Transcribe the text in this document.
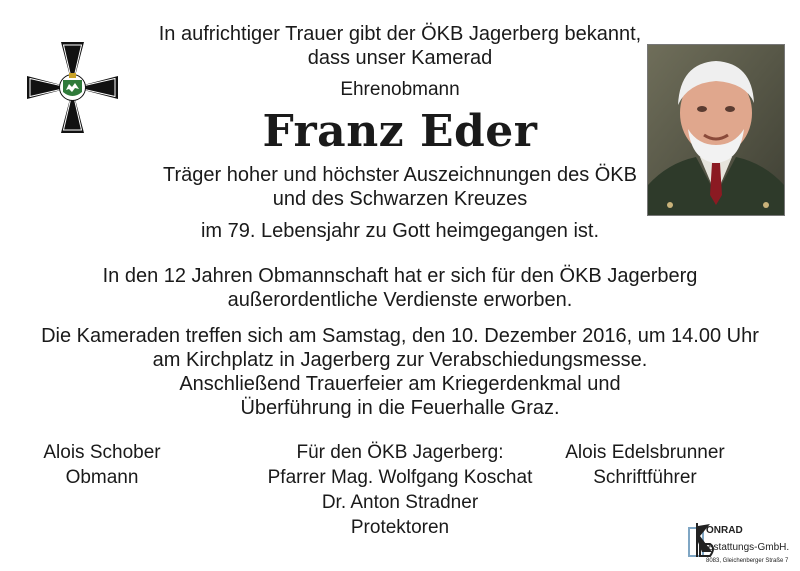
In aufrichtiger Trauer gibt der ÖKB Jagerberg bekannt,
dass unser Kamerad
Ehrenobmann
Franz Eder
Träger hoher und höchster Auszeichnungen des ÖKB
und des Schwarzen Kreuzes
im 79. Lebensjahr zu Gott heimgegangen ist.
In den 12 Jahren Obmannschaft hat er sich für den ÖKB Jagerberg
außerordentliche Verdienste erworben.
Die Kameraden treffen sich am Samstag, den 10. Dezember 2016, um 14.00 Uhr
am Kirchplatz in Jagerberg zur Verabschiedungsmesse.
Anschließend Trauerfeier am Kriegerdenkmal und
Überführung in die Feuerhalle Graz.
Alois Schober
Obmann
Für den ÖKB Jagerberg:
Pfarrer Mag. Wolfgang Koschat
Dr. Anton Stradner
Protektoren
Alois Edelsbrunner
Schriftführer
ONRAD
estattungs-GmbH.
8083, Gleichenberger Straße 7
